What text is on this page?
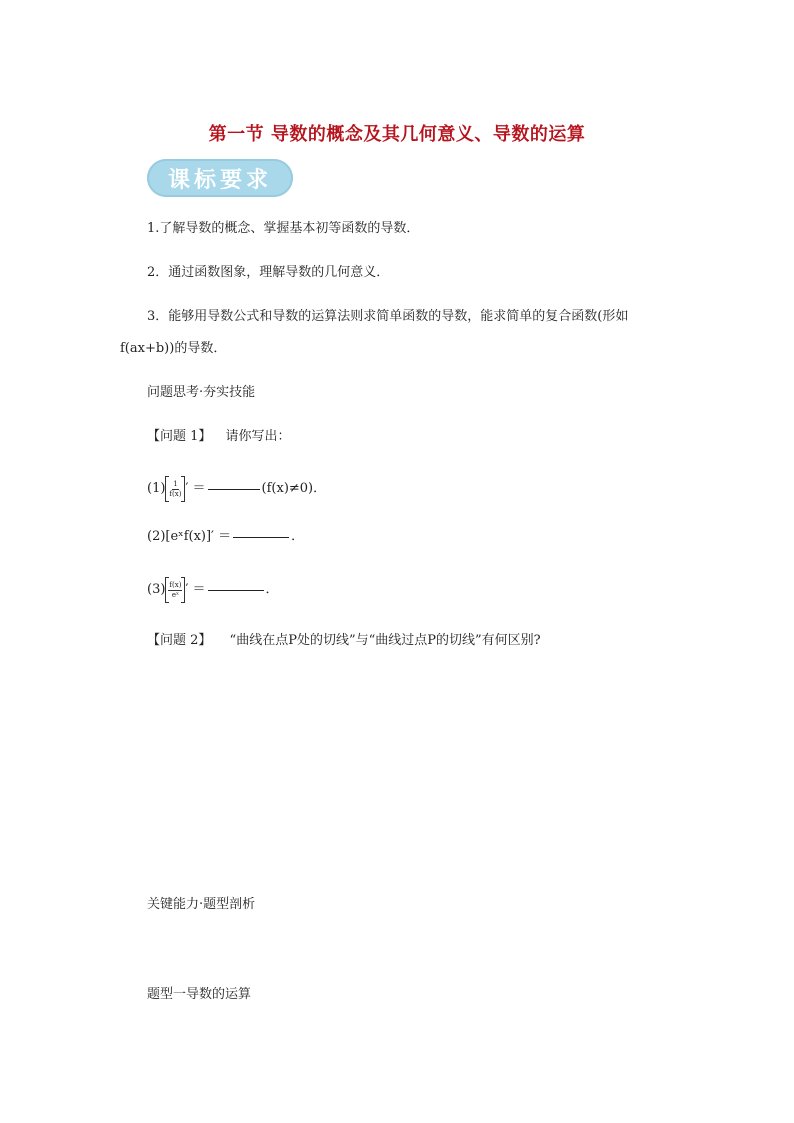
第一节 导数的概念及其几何意义、导数的运算
课标要求
1.了解导数的概念、掌握基本初等函数的导数．
2．通过函数图象，理解导数的几何意义．
3．能够用导数公式和导数的运算法则求简单函数的导数，能求简单的复合函数(形如
f(ax+b))的导数．
问题思考·夯实技能
【问题 1】 请你写出：
$(1) \frac{1}{f(x)}$ ′ ＝	(f(x)≠0)．
(2) [eˣf(x)]′ ＝	．
$(3) \frac{f(x)}{\text{eˣ}}$ ′ ＝	．
【问题 2】 “曲线在点P处的切线”与“曲线过点P的切线”有何区别?
关键能力·题型剖析
题型一导数的运算
